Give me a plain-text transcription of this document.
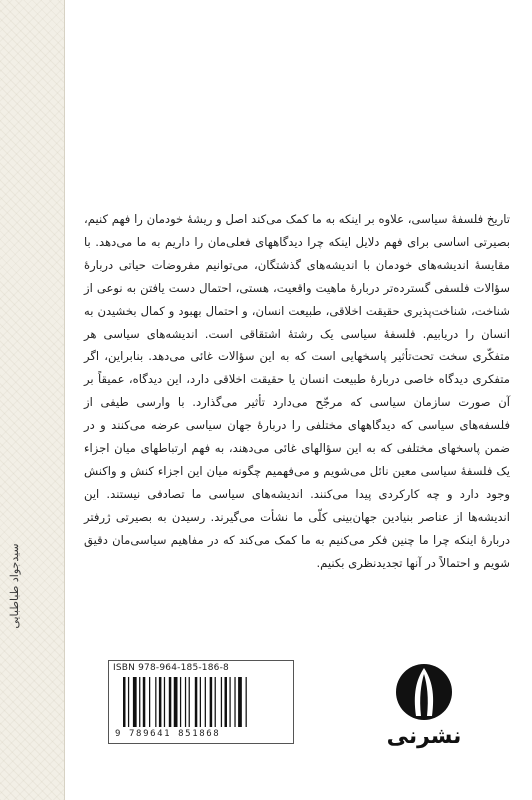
سیدجواد طباطبایی
تاریخ فلسفهٔ سیاسی، علاوه بر اینکه به ما کمک می‌کند اصل و ریشهٔ خودمان را فهم کنیم، بصیرتی اساسی برای فهم دلایل اینکه چرا دیدگاههای فعلی‌مان را داریم به ما می‌دهد. با مقایسهٔ اندیشه‌های خودمان با اندیشه‌های گذشتگان، می‌توانیم مفروضات حیاتی دربارهٔ سؤالات فلسفی گسترده‌تر دربارهٔ ماهیت واقعیت، هستی، احتمال دست یافتن به نوعی از شناخت، شناخت‌پذیری حقیقت اخلاقی، طبیعت انسان، و احتمال بهبود و کمال بخشیدن به انسان را دریابیم. فلسفهٔ سیاسی یک رشتهٔ اشتقاقی است. اندیشه‌های سیاسی هر متفکّری سخت تحت‌تأثیر پاسخهایی است که به این سؤالات غائی می‌دهد. بنابراین، اگر متفکری دیدگاه خاصی دربارهٔ طبیعت انسان یا حقیقت اخلاقی دارد، این دیدگاه، عمیقاً بر آن صورت سازمان سیاسی که مرجّح می‌دارد تأثیر می‌گذارد. با وارسی طیفی از فلسفه‌های سیاسی که دیدگاههای مختلفی را دربارهٔ جهان سیاسی عرضه می‌کنند و در ضمن پاسخهای مختلفی که به این سؤالهای غائی می‌دهند، به فهم ارتباطهای میان اجزاء یک فلسفهٔ سیاسی معین نائل می‌شویم و می‌فهمیم چگونه میان این اجزاء کنش و واکنش وجود دارد و چه کارکردی پیدا می‌کنند. اندیشه‌های سیاسی ما تصادفی نیستند. این اندیشه‌ها از عناصر بنیادین جهان‌بینی کلّی ما نشأت می‌گیرند. رسیدن به بصیرتی ژرفتر دربارهٔ اینکه چرا ما چنین فکر می‌کنیم به ما کمک می‌کند که در مفاهیم سیاسی‌مان دقیق شویم و احتمالاً در آنها تجدیدنظری بکنیم.
ISBN 978-964-185-186-8
9 789641 851868	نشرنی
